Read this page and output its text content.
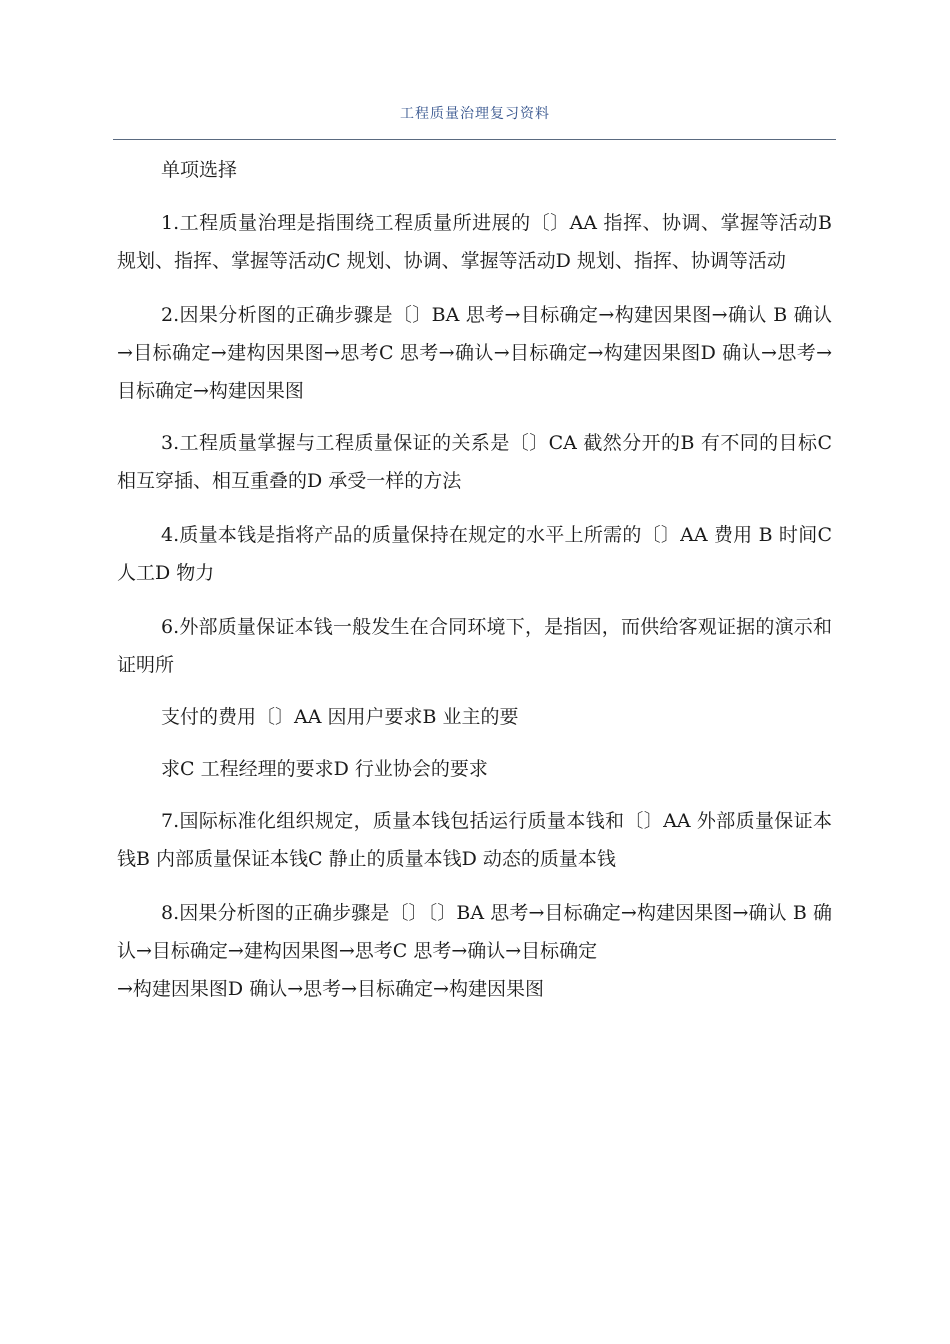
工程质量治理复习资料

单项选择

1.工程质量治理是指围绕工程质量所进展的〔〕AA 指挥、协调、掌握等活动B 规划、指挥、掌握等活动C 规划、协调、掌握等活动D 规划、指挥、协调等活动

2.因果分析图的正确步骤是〔〕BA 思考→目标确定→构建因果图→确认 B 确认→目标确定→建构因果图→思考C 思考→确认→目标确定→构建因果图D 确认→思考→目标确定→构建因果图

3.工程质量掌握与工程质量保证的关系是〔〕CA 截然分开的B 有不同的目标C 相互穿插、相互重叠的D 承受一样的方法

4.质量本钱是指将产品的质量保持在规定的水平上所需的〔〕AA 费用 B 时间C 人工D 物力

6.外部质量保证本钱一般发生在合同环境下，是指因，而供给客观证据的演示和证明所

支付的费用〔〕AA 因用户要求B 业主的要

求C 工程经理的要求D 行业协会的要求

7.国际标准化组织规定，质量本钱包括运行质量本钱和〔〕AA 外部质量保证本钱B 内部质量保证本钱C 静止的质量本钱D 动态的质量本钱

8.因果分析图的正确步骤是〔〕〔〕BA 思考→目标确定→构建因果图→确认 B 确认→目标确定→建构因果图→思考C 思考→确认→目标确定

→构建因果图D 确认→思考→目标确定→构建因果图
